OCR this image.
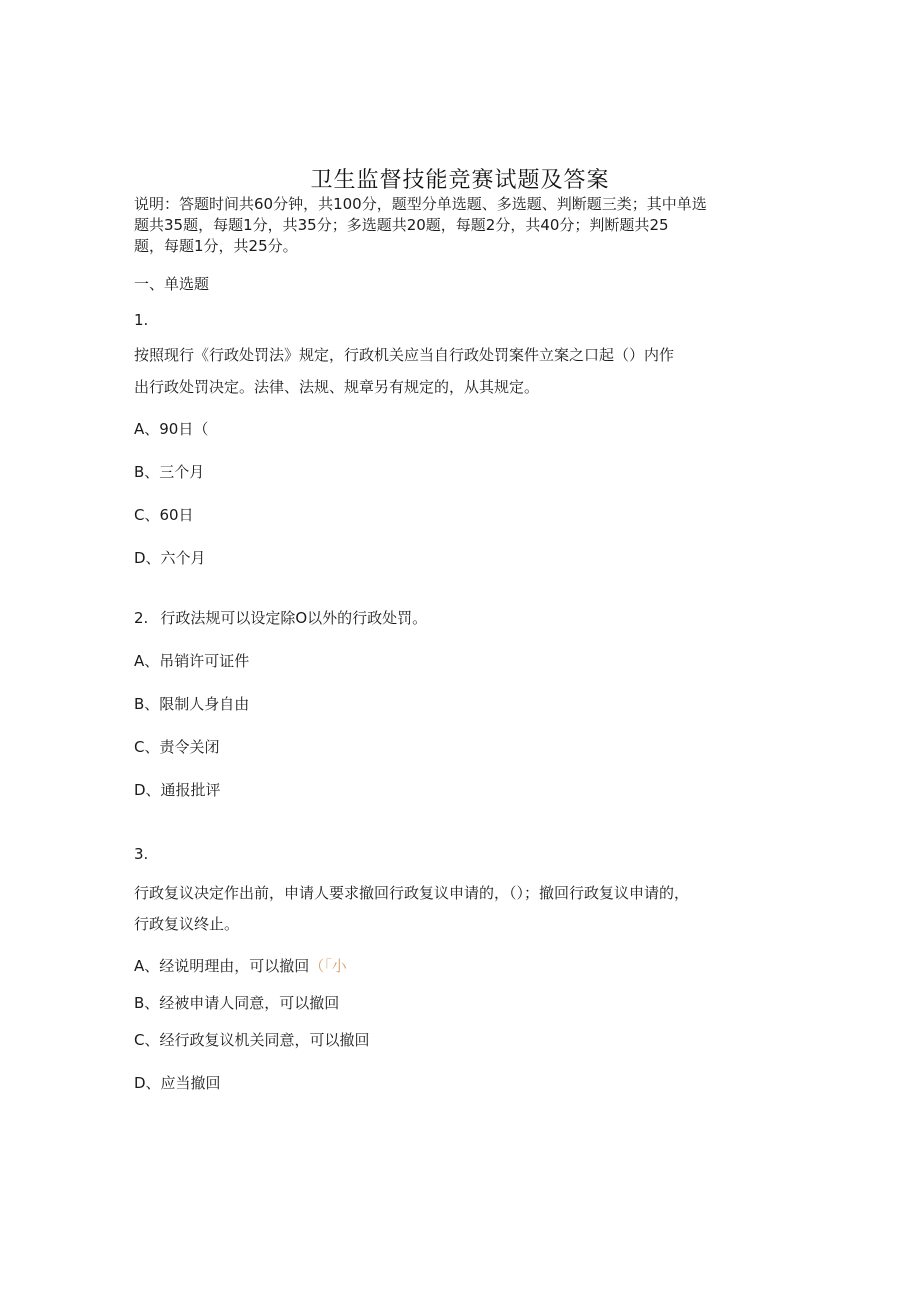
卫生监督技能竞赛试题及答案
说明：答题时间共60分钟，共100分，题型分单选题、多选题、判断题三类；其中单选
题共35题，每题1分，共35分；多选题共20题，每题2分，共40分；判断题共25
题，每题1分，共25分。
一、单选题
1.
按照现行《行政处罚法》规定，行政机关应当自行政处罚案件立案之口起（）内作
出行政处罚决定。法律、法规、规章另有规定的，从其规定。
A、90日（
B、三个月
C、60日
D、六个月
2. 行政法规可以设定除O以外的行政处罚。
A、吊销许可证件
B、限制人身自由
C、责令关闭
D、通报批评
3.
行政复议决定作出前，申请人要求撤回行政复议申请的，（）；撤回行政复议申请的，
行政复议终止。
A、经说明理由，可以撤回（「小
B、经被申请人同意，可以撤回
C、经行政复议机关同意，可以撤回
D、应当撤回
